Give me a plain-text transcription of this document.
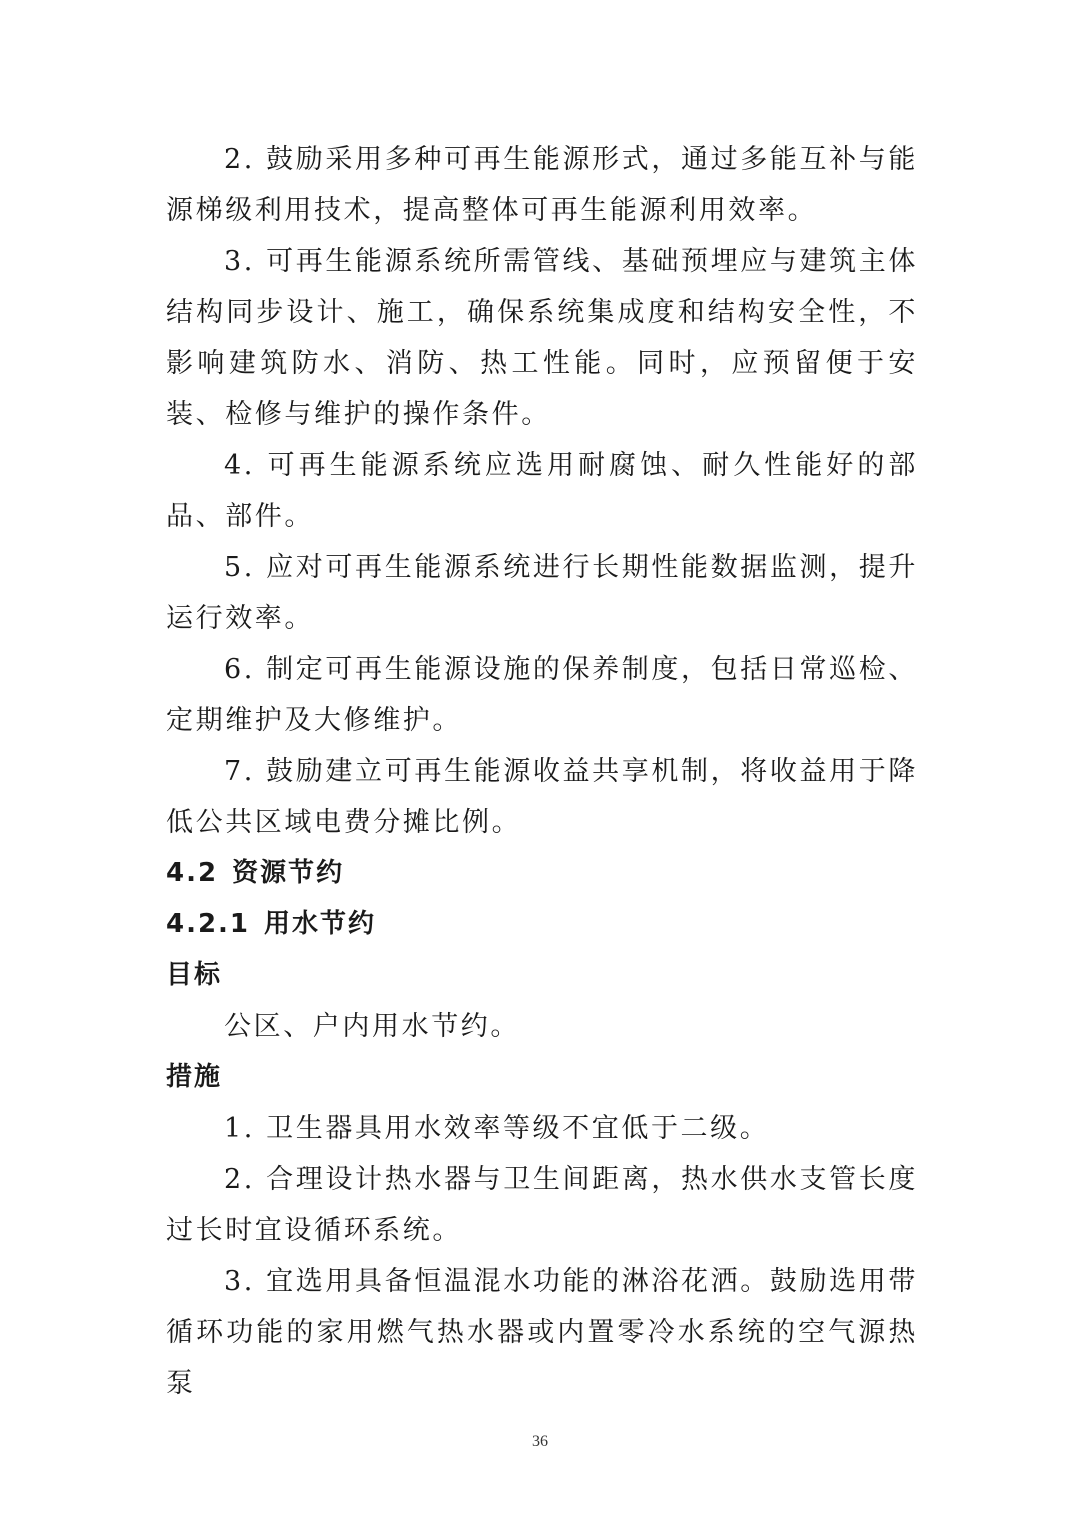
2. 鼓励采用多种可再生能源形式，通过多能互补与能源梯级利用技术，提高整体可再生能源利用效率。

3. 可再生能源系统所需管线、基础预埋应与建筑主体结构同步设计、施工，确保系统集成度和结构安全性，不影响建筑防水、消防、热工性能。同时，应预留便于安装、检修与维护的操作条件。

4. 可再生能源系统应选用耐腐蚀、耐久性能好的部品、部件。

5. 应对可再生能源系统进行长期性能数据监测，提升运行效率。

6. 制定可再生能源设施的保养制度，包括日常巡检、定期维护及大修维护。

7. 鼓励建立可再生能源收益共享机制，将收益用于降低公共区域电费分摊比例。

4.2 资源节约

4.2.1 用水节约

目标

公区、户内用水节约。

措施

1. 卫生器具用水效率等级不宜低于二级。

2. 合理设计热水器与卫生间距离，热水供水支管长度过长时宜设循环系统。

3. 宜选用具备恒温混水功能的淋浴花洒。鼓励选用带循环功能的家用燃气热水器或内置零冷水系统的空气源热泵

36
